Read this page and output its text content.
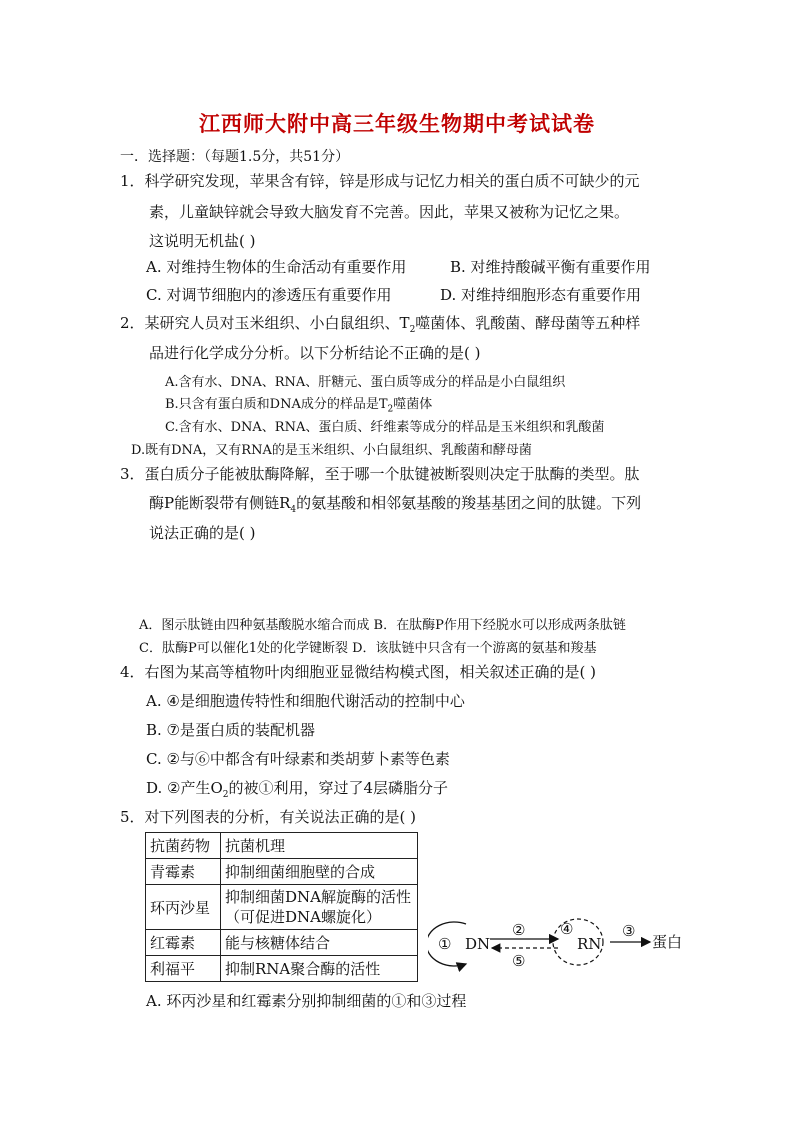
江西师大附中高三年级生物期中考试试卷
一．选择题：（每题1.5分，共51分）
1．科学研究发现，苹果含有锌，锌是形成与记忆力相关的蛋白质不可缺少的元
素，儿童缺锌就会导致大脑发育不完善。因此，苹果又被称为记忆之果。
这说明无机盐( )
A. 对维持生物体的生命活动有重要作用	B. 对维持酸碱平衡有重要作用
C. 对调节细胞内的渗透压有重要作用	D. 对维持细胞形态有重要作用
2．某研究人员对玉米组织、小白鼠组织、$T_2$噬菌体、乳酸菌、酵母菌等五种样
品进行化学成分分析。以下分析结论不正确的是( )
A.含有水、DNA、RNA、肝糖元、蛋白质等成分的样品是小白鼠组织
B.只含有蛋白质和DNA成分的样品是$T_2$噬菌体
C.含有水、DNA、RNA、蛋白质、纤维素等成分的样品是玉米组织和乳酸菌
D.既有DNA，又有RNA的是玉米组织、小白鼠组织、乳酸菌和酵母菌
3．蛋白质分子能被肽酶降解，至于哪一个肽键被断裂则决定于肽酶的类型。肽
酶P能断裂带有侧链$R_4$的氨基酸和相邻氨基酸的羧基基团之间的肽键。下列
说法正确的是( )
A．图示肽链由四种氨基酸脱水缩合而成 B．在肽酶P作用下经脱水可以形成两条肽链
C．肽酶P可以催化1处的化学键断裂 D．该肽链中只含有一个游离的氨基和羧基
4．右图为某高等植物叶肉细胞亚显微结构模式图，相关叙述正确的是( )
A. ④是细胞遗传特性和细胞代谢活动的控制中心
B. ⑦是蛋白质的装配机器
C. ②与⑥中都含有叶绿素和类胡萝卜素等色素
D. ②产生$O_2$的被①利用，穿过了4层磷脂分子
5．对下列图表的分析，有关说法正确的是( )
抗菌药物	抗菌机理
青霉素	抑制细菌细胞壁的合成
环丙沙星	抑制细菌DNA解旋酶的活性（可促进DNA螺旋化）
红霉素	能与核糖体结合
利福平	抑制RNA聚合酶的活性
① DN
②
⑤
④
RN
③
蛋白
A. 环丙沙星和红霉素分别抑制细菌的①和③过程
